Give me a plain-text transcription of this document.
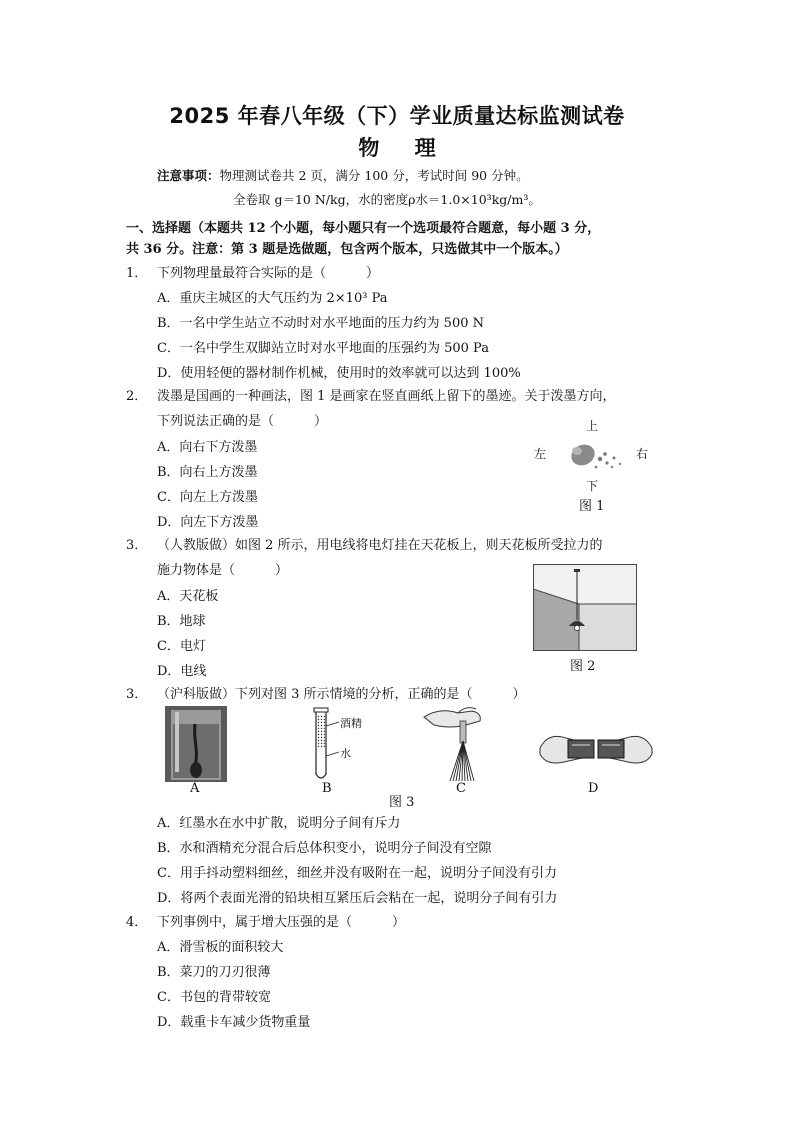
2025 年春八年级（下）学业质量达标监测试卷
物 理
注意事项：物理测试卷共 2 页，满分 100 分，考试时间 90 分钟。
全卷取 g＝10 N/kg，水的密度ρ水＝1.0×10³kg/m³。
一、选择题（本题共 12 个小题，每小题只有一个选项最符合题意，每小题 3 分，
共 36 分。注意：第 3 题是选做题，包含两个版本，只选做其中一个版本。）
1． 下列物理量最符合实际的是（	）
A．重庆主城区的大气压约为 2×10³ Pa
B．一名中学生站立不动时对水平地面的压力约为 500 N
C．一名中学生双脚站立时对水平地面的压强约为 500 Pa
D．使用轻便的器材制作机械，使用时的效率就可以达到 100%
2． 泼墨是国画的一种画法，图 1 是画家在竖直画纸上留下的墨迹。关于泼墨方向，
下列说法正确的是（	）
A．向右下方泼墨
B．向右上方泼墨
C．向左上方泼墨
D．向左下方泼墨
上
左	右
下
图 1
3． （人教版做）如图 2 所示，用电线将电灯挂在天花板上，则天花板所受拉力的
施力物体是（	）
A．天花板
B．地球
C．电灯
D．电线	图 2
3． （沪科版做）下列对图 3 所示情境的分析，正确的是（	）
A
酒精
水
B	C	D
图 3
A．红墨水在水中扩散，说明分子间有斥力
B．水和酒精充分混合后总体积变小，说明分子间没有空隙
C．用手抖动塑料细丝，细丝并没有吸附在一起，说明分子间没有引力
D．将两个表面光滑的铅块相互紧压后会粘在一起，说明分子间有引力
4． 下列事例中，属于增大压强的是（	）
A．滑雪板的面积较大
B．菜刀的刀刃很薄
C．书包的背带较宽
D．载重卡车减少货物重量
